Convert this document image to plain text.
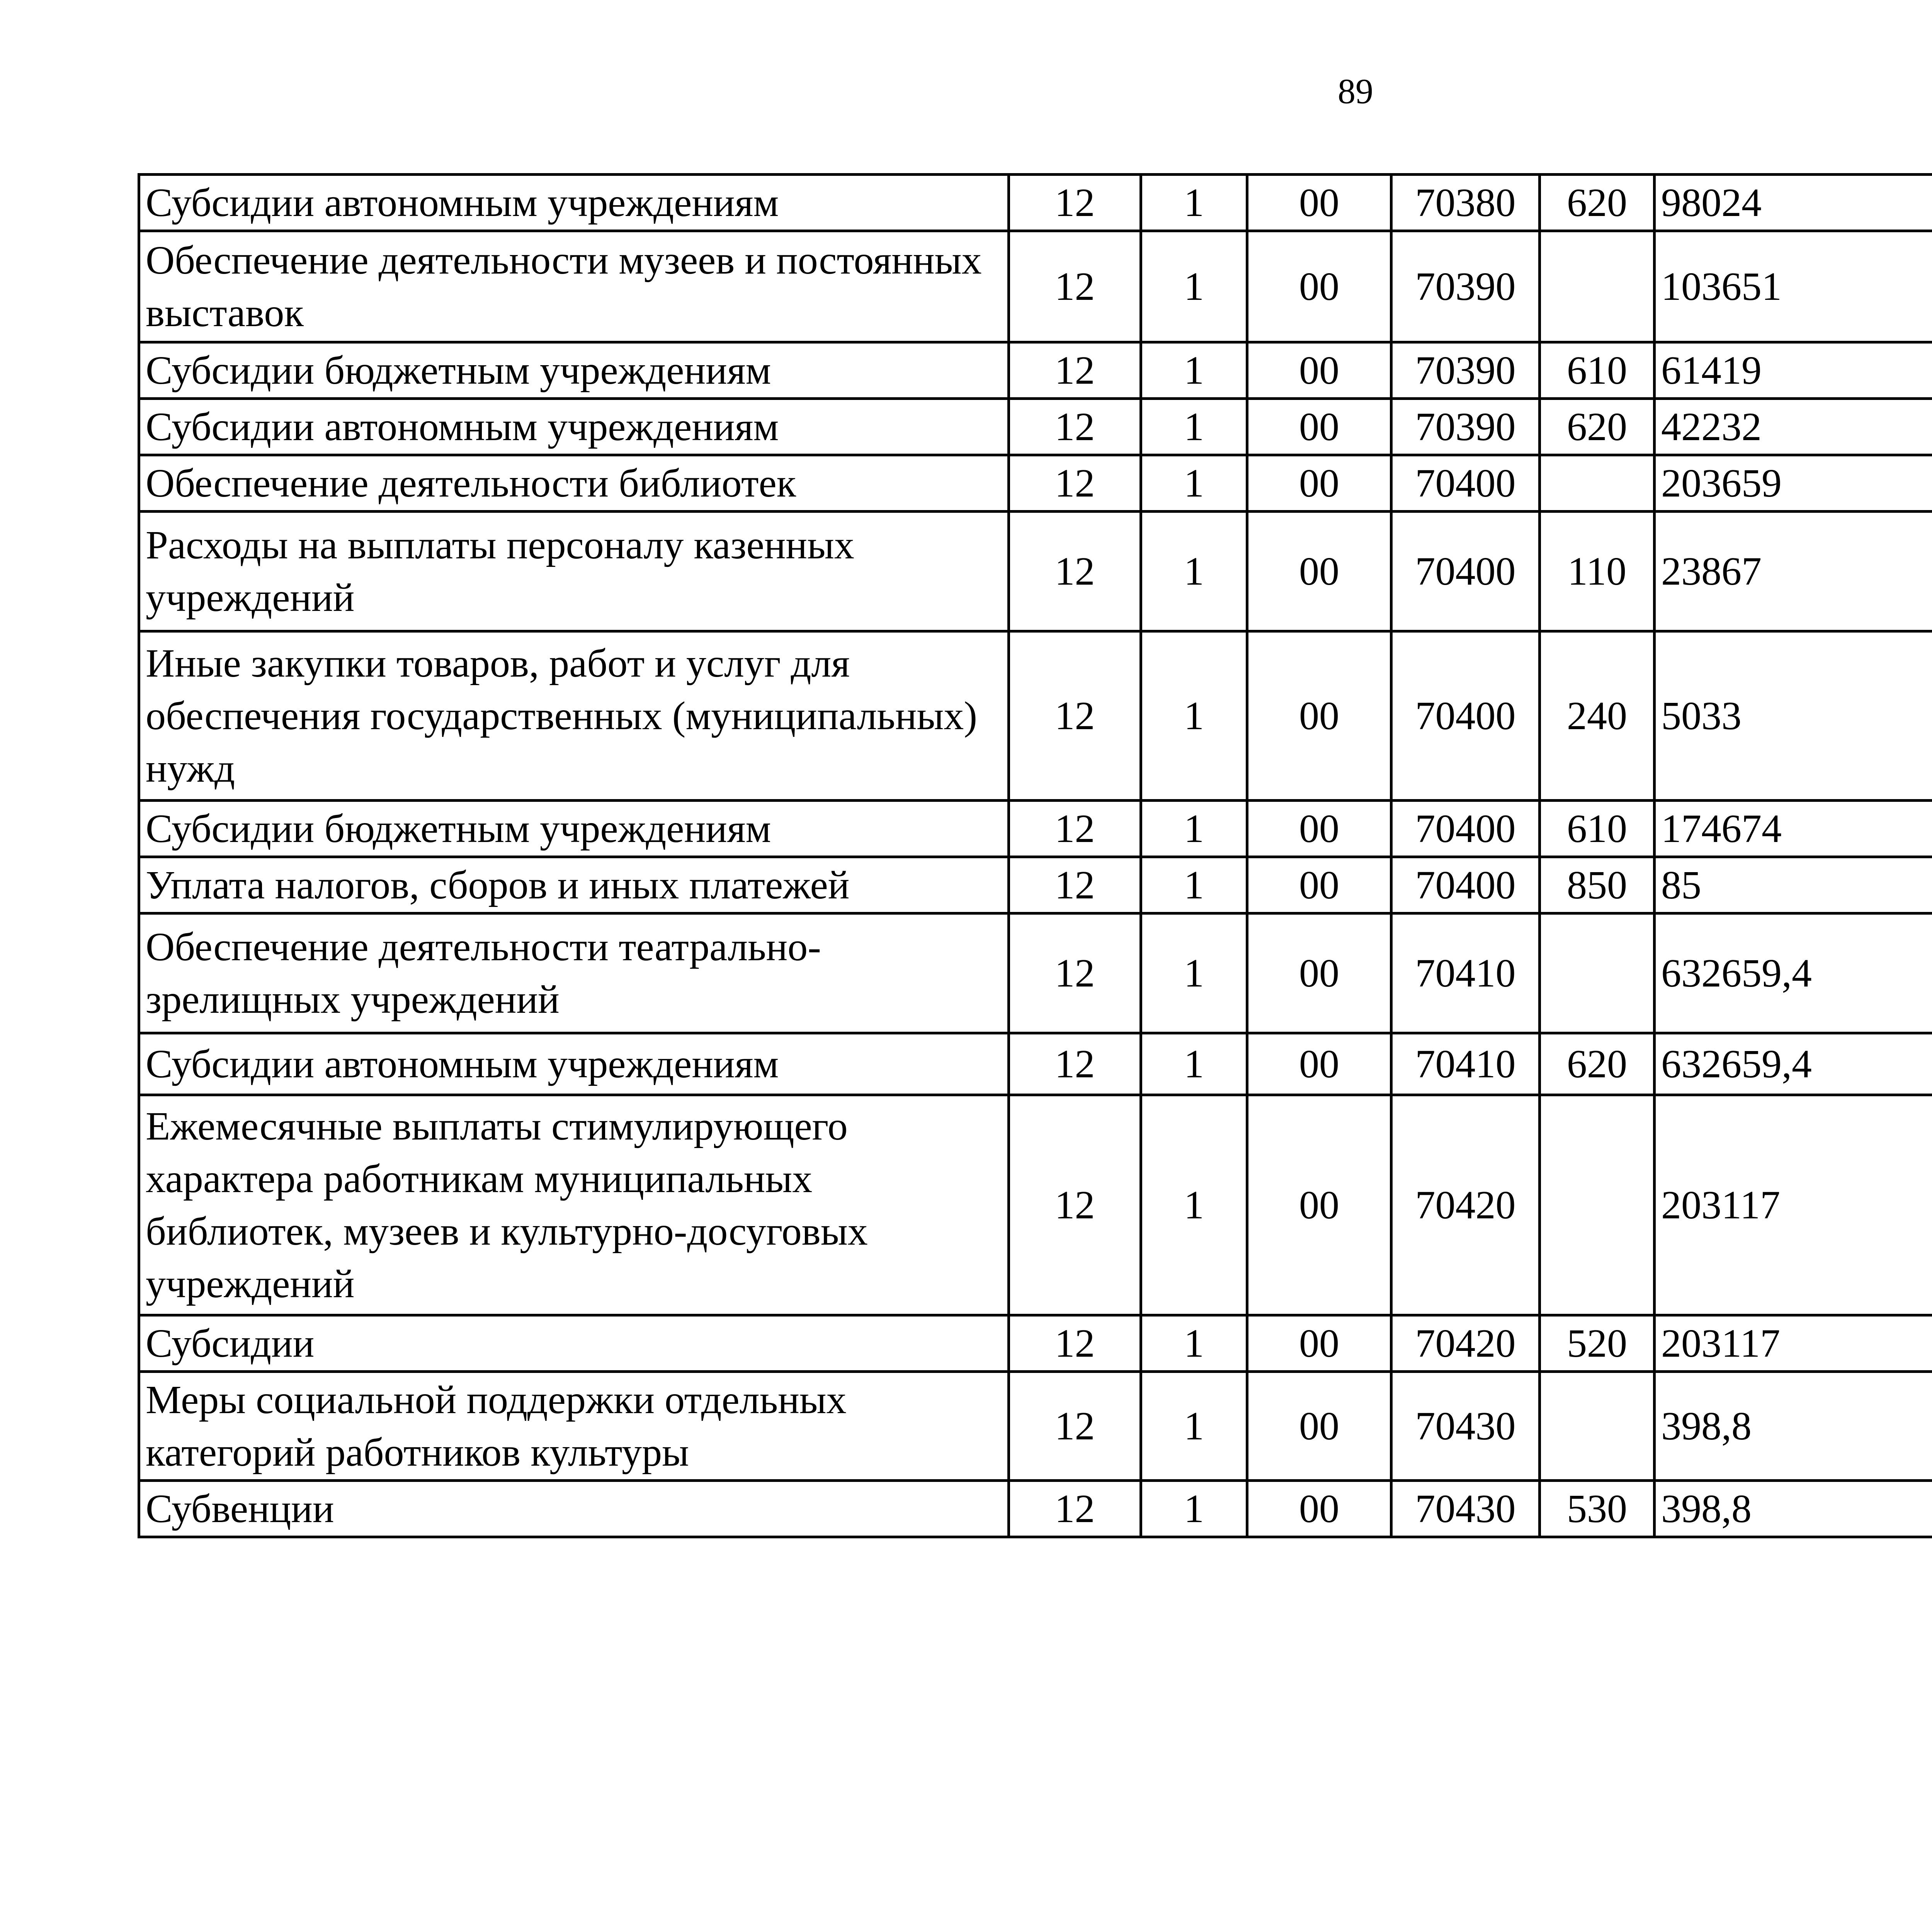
89
Субсидии автономным учреждениям	12	1	00	70380	620	98024		
Обеспечение деятельности музеев и постоянных выставок	12	1	00	70390		103651		
Субсидии бюджетным учреждениям	12	1	00	70390	610	61419		
Субсидии автономным учреждениям	12	1	00	70390	620	42232		
Обеспечение деятельности библиотек	12	1	00	70400		203659		
Расходы на выплаты персоналу казенных учреждений	12	1	00	70400	110	23867		
Иные закупки товаров, работ и услуг для обеспечения государственных (муниципальных) нужд	12	1	00	70400	240	5033		
Субсидии бюджетным учреждениям	12	1	00	70400	610	174674		
Уплата налогов, сборов и иных платежей	12	1	00	70400	850	85		
Обеспечение деятельности театрально-зрелищных учреждений	12	1	00	70410		632659,4		
Субсидии автономным учреждениям	12	1	00	70410	620	632659,4		
Ежемесячные выплаты стимулирующего характера работникам муниципальных библиотек, музеев и культурно-досуговых учреждений	12	1	00	70420		203117		
Субсидии	12	1	00	70420	520	203117		
Меры социальной поддержки отдельных категорий работников культуры	12	1	00	70430		398,8		
Субвенции	12	1	00	70430	530	398,8		
